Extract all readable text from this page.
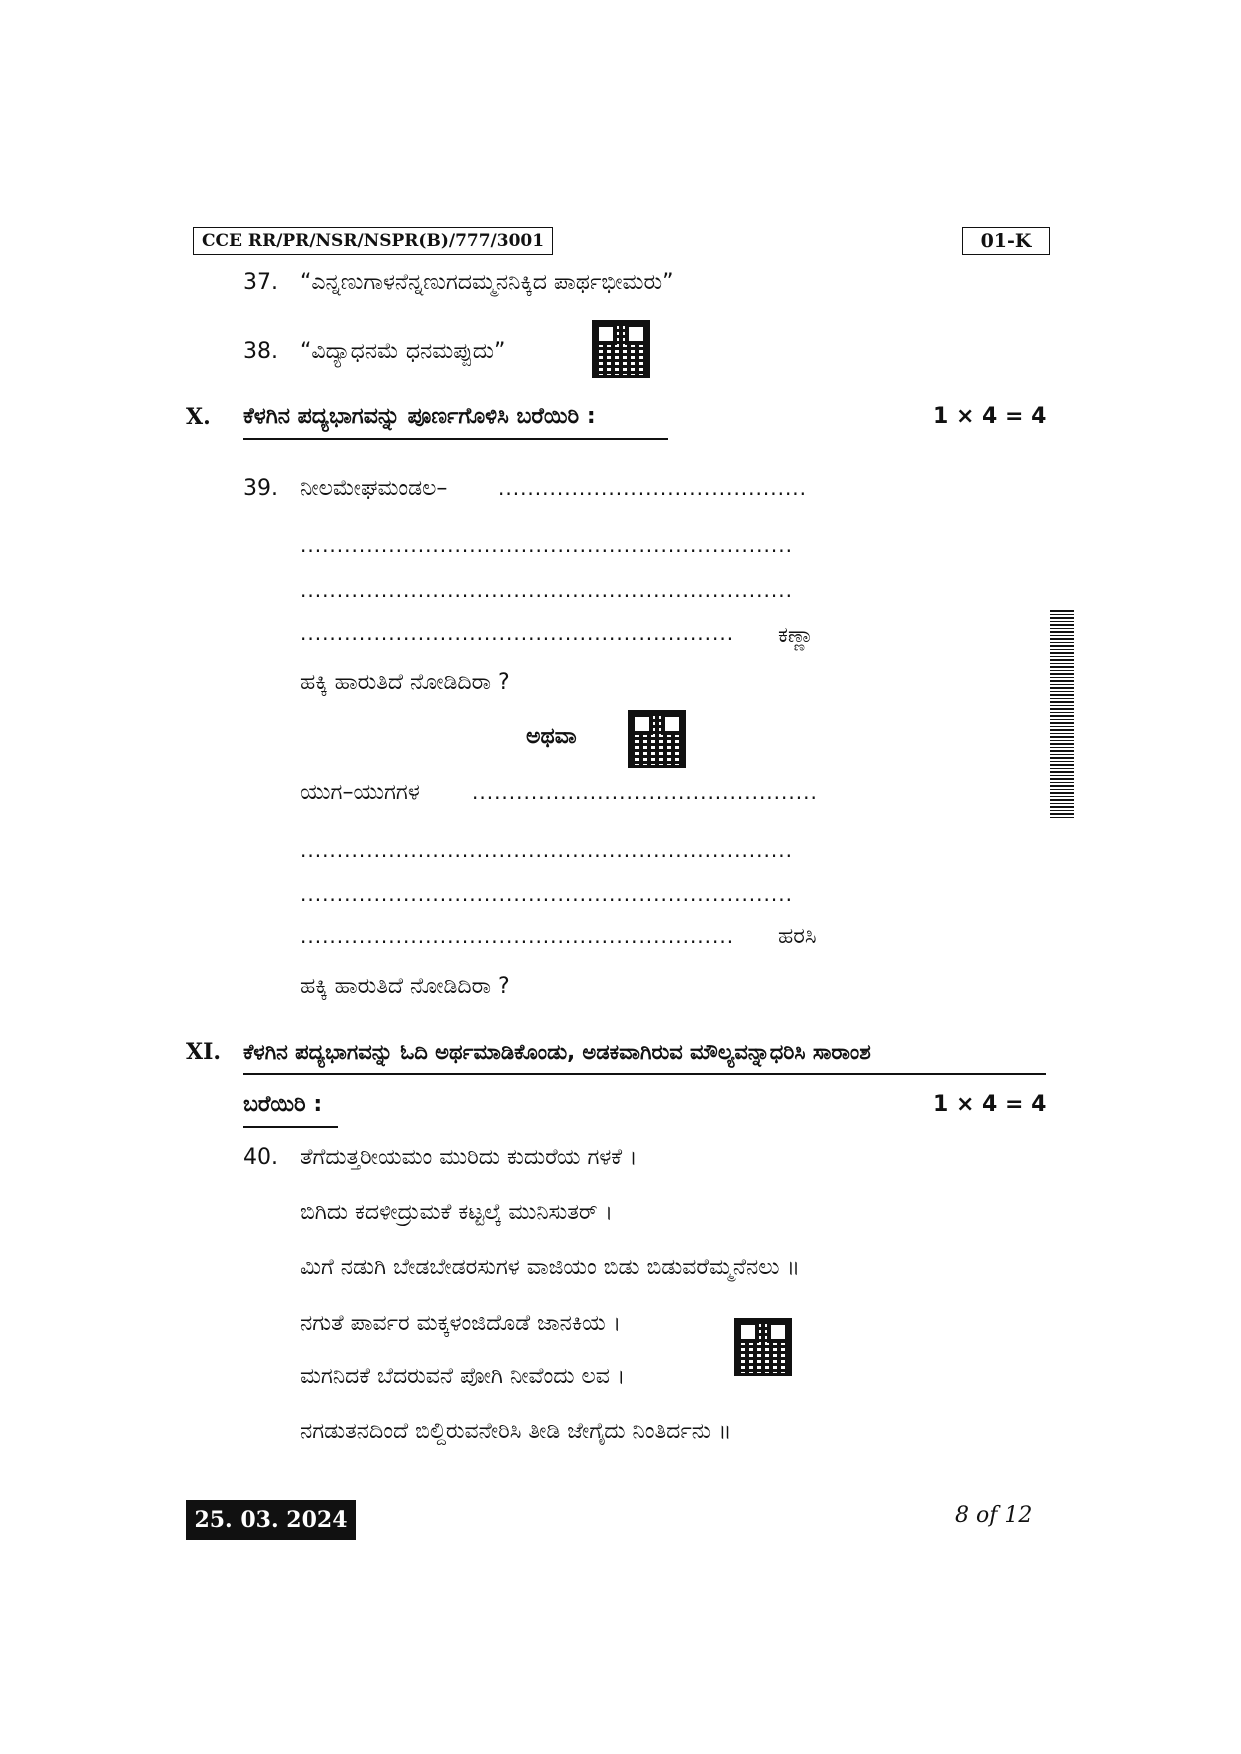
CCE RR/PR/NSR/NSPR(B)/777/3001	01-K
37. “ಎನ್ನಣುಗಾಳನೆನ್ನಣುಗದಮ್ಮನನಿಕ್ಕಿದ ಪಾರ್ಥಭೀಮರು”
38. “ವಿದ್ಯಾಧನಮೆ ಧನಮಪ್ಪುದು”
X. ಕೆಳಗಿನ ಪದ್ಯಭಾಗವನ್ನು ಪೂರ್ಣಗೊಳಿಸಿ ಬರೆಯಿರಿ :	1 × 4 = 4
39. ನೀಲಮೇಘಮಂಡಲ–	..........................................
...................................................................
...................................................................
........................................................... ಕಣ್ಣಾ
ಹಕ್ಕಿ ಹಾರುತಿದೆ ನೋಡಿದಿರಾ ?
ಅಥವಾ
ಯುಗ–ಯುಗಗಳ	...............................................
...................................................................
...................................................................
........................................................... ಹರಸಿ
ಹಕ್ಕಿ ಹಾರುತಿದೆ ನೋಡಿದಿರಾ ?
XI. ಕೆಳಗಿನ ಪದ್ಯಭಾಗವನ್ನು ಓದಿ ಅರ್ಥಮಾಡಿಕೊಂಡು, ಅಡಕವಾಗಿರುವ ಮೌಲ್ಯವನ್ನಾಧರಿಸಿ ಸಾರಾಂಶ
ಬರೆಯಿರಿ :	1 × 4 = 4
40. ತೆಗೆದುತ್ತರೀಯಮಂ ಮುರಿದು ಕುದುರೆಯ ಗಳಕೆ ।
ಬಿಗಿದು ಕದಳೀದ್ರುಮಕೆ ಕಟ್ಟಲ್ಕೆ ಮುನಿಸುತರ್ ।
ಮಿಗೆ ನಡುಗಿ ಬೇಡಬೇಡರಸುಗಳ ವಾಜಿಯಂ ಬಿಡು ಬಿಡುವರೆಮ್ಮನೆನಲು ॥
ನಗುತೆ ಪಾರ್ವರ ಮಕ್ಕಳಂಜಿದೊಡೆ ಜಾನಕಿಯ ।
ಮಗನಿದಕೆ ಬೆದರುವನೆ ಪೋಗಿ ನೀವೆಂದು ಲವ ।
ನಗಡುತನದಿಂದೆ ಬಿಲ್ದಿರುವನೇರಿಸಿ ತೀಡಿ ಜೇಗೈದು ನಿಂತಿರ್ದನು ॥
25. 03. 2024	8 of 12
